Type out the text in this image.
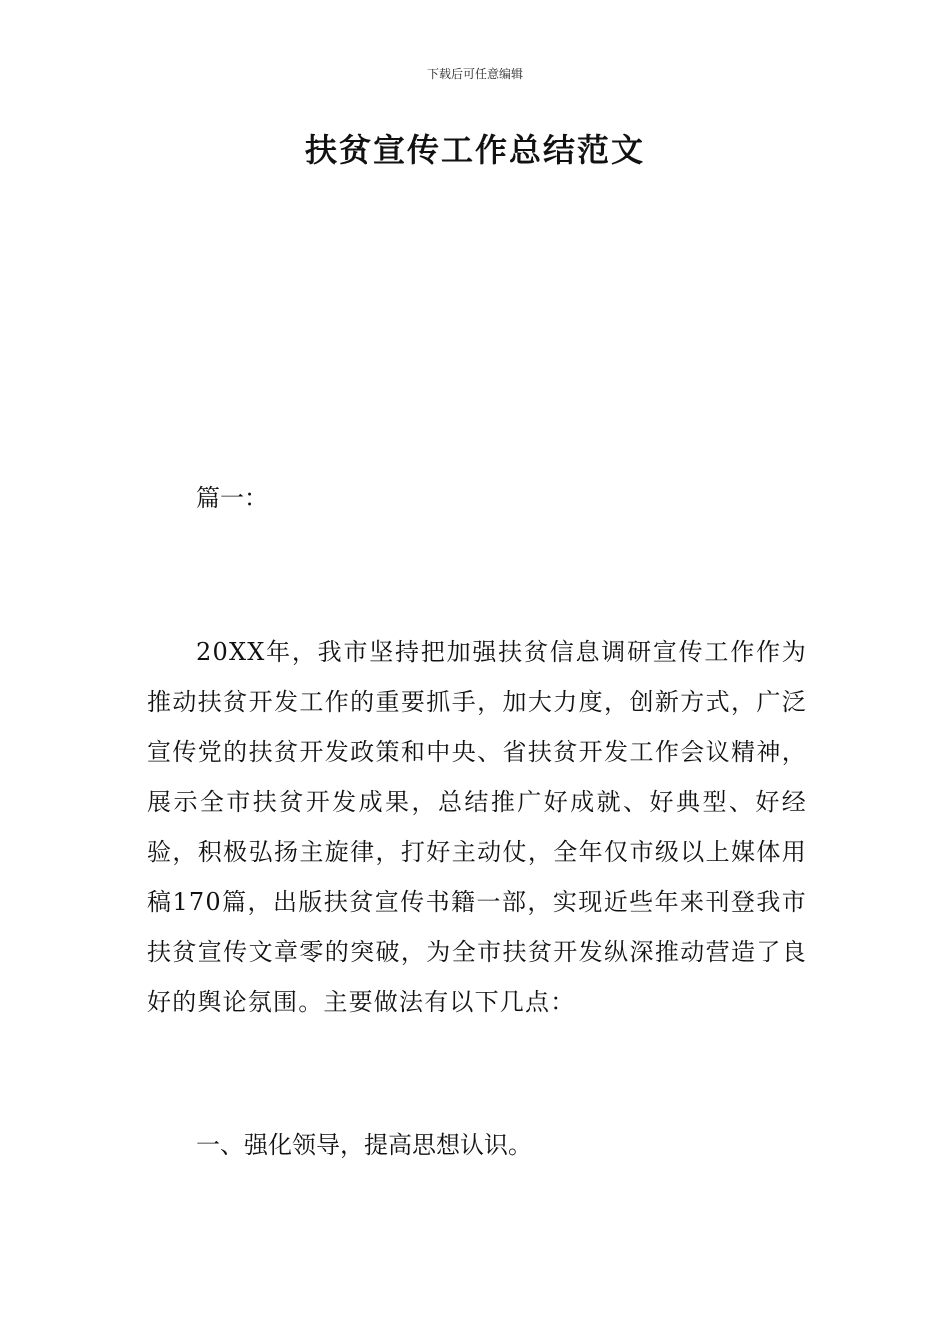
下载后可任意编辑
扶贫宣传工作总结范文
篇一：

20XX年，我市坚持把加强扶贫信息调研宣传工作作为推动扶贫开发工作的重要抓手，加大力度，创新方式，广泛宣传党的扶贫开发政策和中央、省扶贫开发工作会议精神，展示全市扶贫开发成果，总结推广好成就、好典型、好经验，积极弘扬主旋律，打好主动仗，全年仅市级以上媒体用稿170篇，出版扶贫宣传书籍一部，实现近些年来刊登我市扶贫宣传文章零的突破，为全市扶贫开发纵深推动营造了良好的舆论氛围。主要做法有以下几点：

一、强化领导，提高思想认识。
